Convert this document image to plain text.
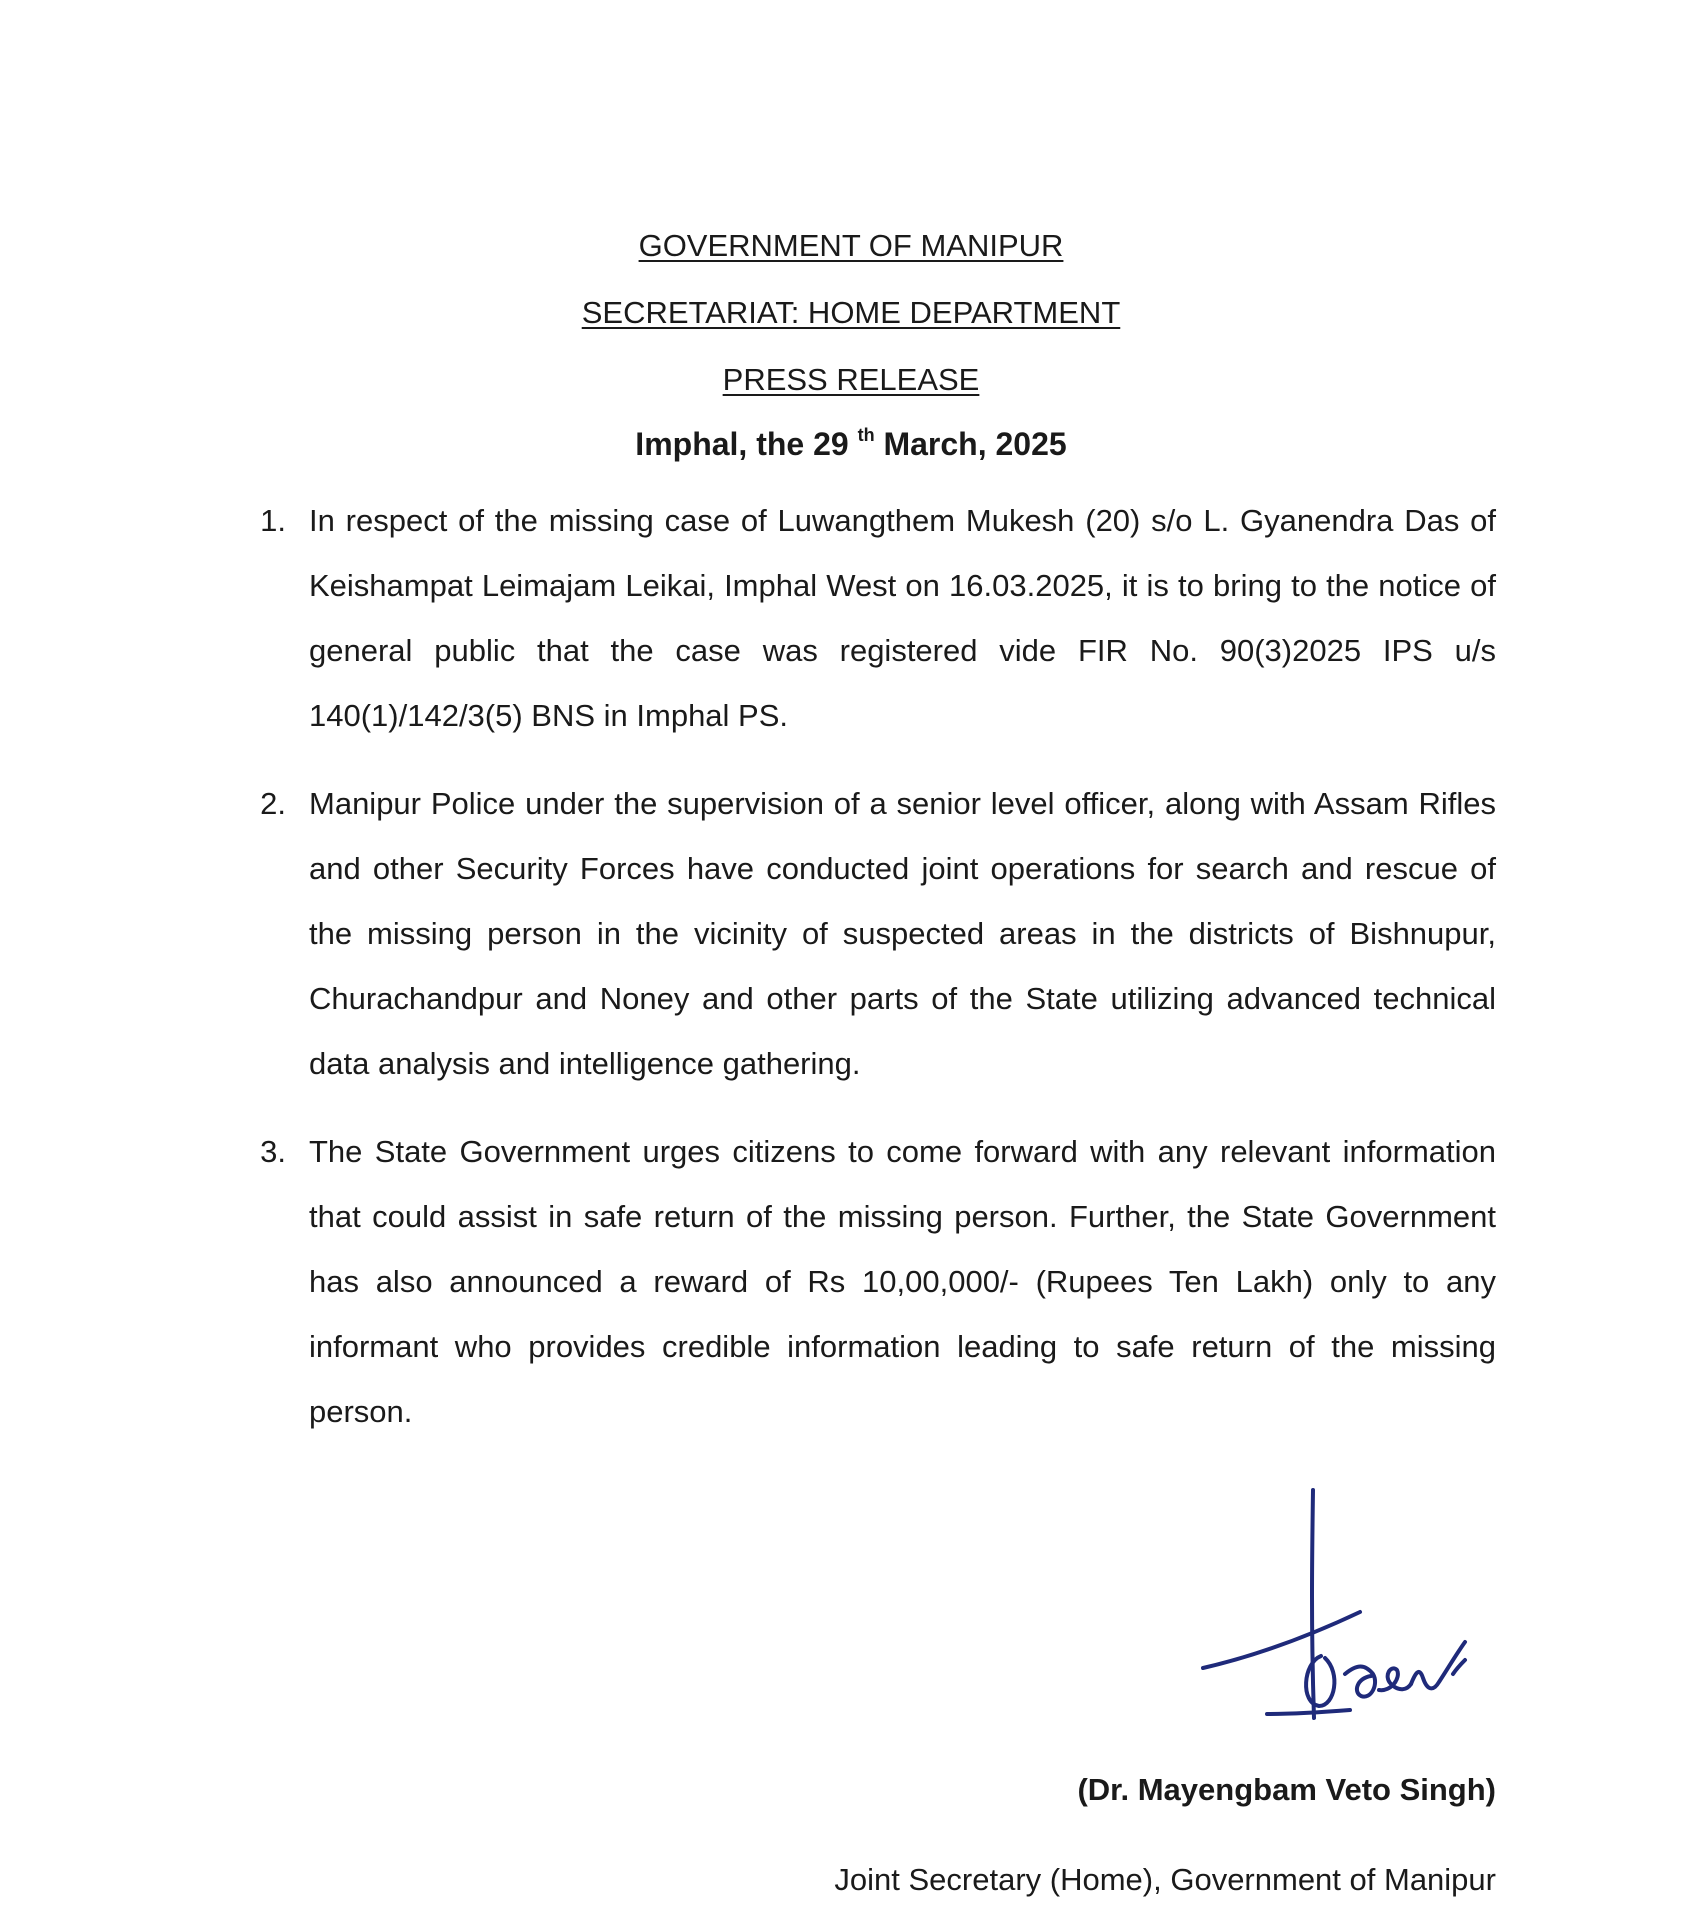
GOVERNMENT OF MANIPUR
SECRETARIAT: HOME DEPARTMENT
PRESS RELEASE
Imphal, the 29 $^{th}$ March, 2025
1. In respect of the missing case of Luwangthem Mukesh (20) s/o L. Gyanendra Das of Keishampat Leimajam Leikai, Imphal West on 16.03.2025, it is to bring to the notice of general public that the case was registered vide FIR No. 90(3)2025 IPS u/s 140(1)/142/3(5) BNS in Imphal PS.

2. Manipur Police under the supervision of a senior level officer, along with Assam Rifles and other Security Forces have conducted joint operations for search and rescue of the missing person in the vicinity of suspected areas in the districts of Bishnupur, Churachandpur and Noney and other parts of the State utilizing advanced technical data analysis and intelligence gathering.

3. The State Government urges citizens to come forward with any relevant information that could assist in safe return of the missing person. Further, the State Government has also announced a reward of Rs 10,00,000/- (Rupees Ten Lakh) only to any informant who provides credible information leading to safe return of the missing person.

(Dr. Mayengbam Veto Singh)
Joint Secretary (Home), Government of Manipur
